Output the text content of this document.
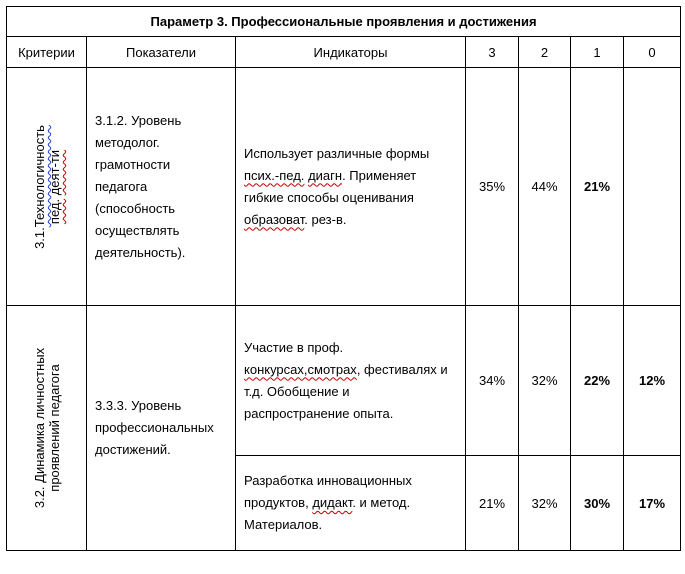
Параметр 3. Профессиональные проявления и достижения						
Критерии	Показатели	Индикаторы	3	2	1	0

3.1.Технологичность
пед. деят-ти	3.1.2. Уровень методолог. грамотности педагога (способность осуществлять деятельность).	Использует различные формы псих.-пед. диагн. Применяет гибкие способы оценивания образоват. рез-в.	35%	44%	21%	

3.2. Динамика личностных
проявлений педагога	3.3.3. Уровень профессиональных достижений.	Участие в проф. конкурсах,смотрах, фестивалях и т.д. Обобщение и распространение опыта.	34%	32%	22%	12%
		Разработка инновационных продуктов, дидакт. и метод. Материалов.	21%	32%	30%	17%
